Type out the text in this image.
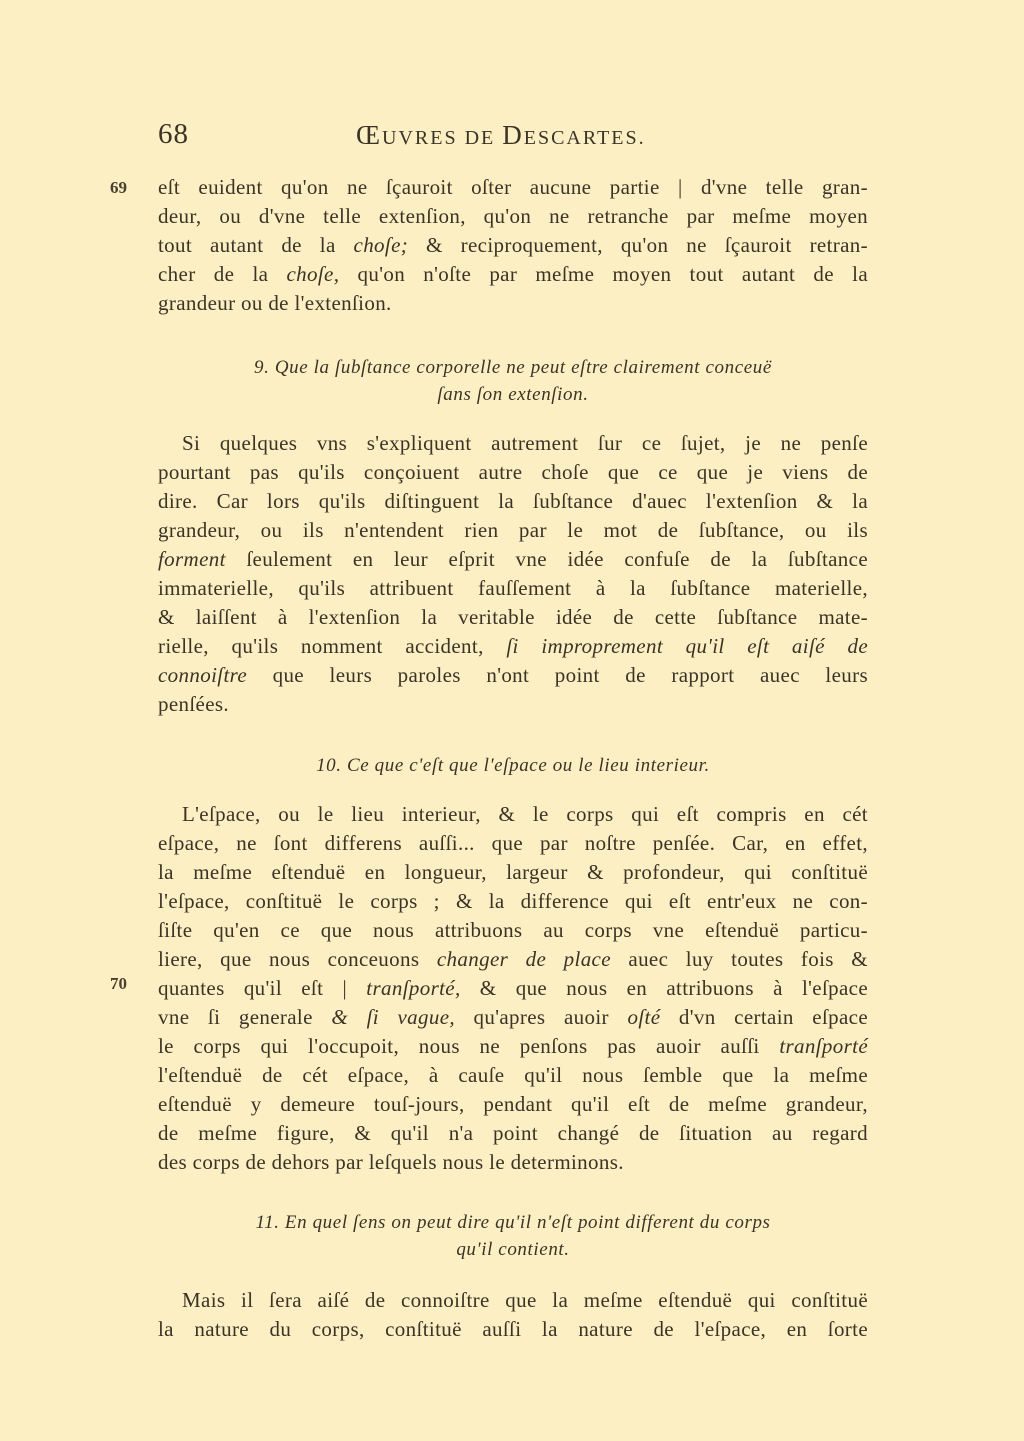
68	ŒUVRES DE DESCARTES.
69
70
eſt euident qu'on ne ſçauroit oſter aucune partie | d'vne telle gran-
deur, ou d'vne telle extenſion, qu'on ne retranche par meſme moyen
tout autant de la choſe; & reciproquement, qu'on ne ſçauroit retran-
cher de la choſe, qu'on n'oſte par meſme moyen tout autant de la
grandeur ou de l'extenſion.
9. Que la ſubſtance corporelle ne peut eſtre clairement conceuë
ſans ſon extenſion.
Si quelques vns s'expliquent autrement ſur ce ſujet, je ne penſe
pourtant pas qu'ils conçoiuent autre choſe que ce que je viens de
dire. Car lors qu'ils diſtinguent la ſubſtance d'auec l'extenſion & la
grandeur, ou ils n'entendent rien par le mot de ſubſtance, ou ils
forment ſeulement en leur eſprit vne idée confuſe de la ſubſtance
immaterielle, qu'ils attribuent fauſſement à la ſubſtance materielle,
& laiſſent à l'extenſion la veritable idée de cette ſubſtance mate-
rielle, qu'ils nomment accident, ſi improprement qu'il eſt aiſé de
connoiſtre que leurs paroles n'ont point de rapport auec leurs
penſées.
10. Ce que c'eſt que l'eſpace ou le lieu interieur.
L'eſpace, ou le lieu interieur, & le corps qui eſt compris en cét
eſpace, ne ſont differens auſſi... que par noſtre penſée. Car, en effet,
la meſme eſtenduë en longueur, largeur & profondeur, qui conſtituë
l'eſpace, conſtituë le corps ; & la difference qui eſt entr'eux ne con-
ſiſte qu'en ce que nous attribuons au corps vne eſtenduë particu-
liere, que nous conceuons changer de place auec luy toutes fois &
quantes qu'il eſt | tranſporté, & que nous en attribuons à l'eſpace
vne ſi generale & ſi vague, qu'apres auoir oſté d'vn certain eſpace
le corps qui l'occupoit, nous ne penſons pas auoir auſſi tranſporté
l'eſtenduë de cét eſpace, à cauſe qu'il nous ſemble que la meſme
eſtenduë y demeure touſ-jours, pendant qu'il eſt de meſme grandeur,
de meſme figure, & qu'il n'a point changé de ſituation au regard
des corps de dehors par leſquels nous le determinons.
11. En quel ſens on peut dire qu'il n'eſt point different du corps
qu'il contient.
Mais il ſera aiſé de connoiſtre que la meſme eſtenduë qui conſtituë
la nature du corps, conſtituë auſſi la nature de l'eſpace, en ſorte
